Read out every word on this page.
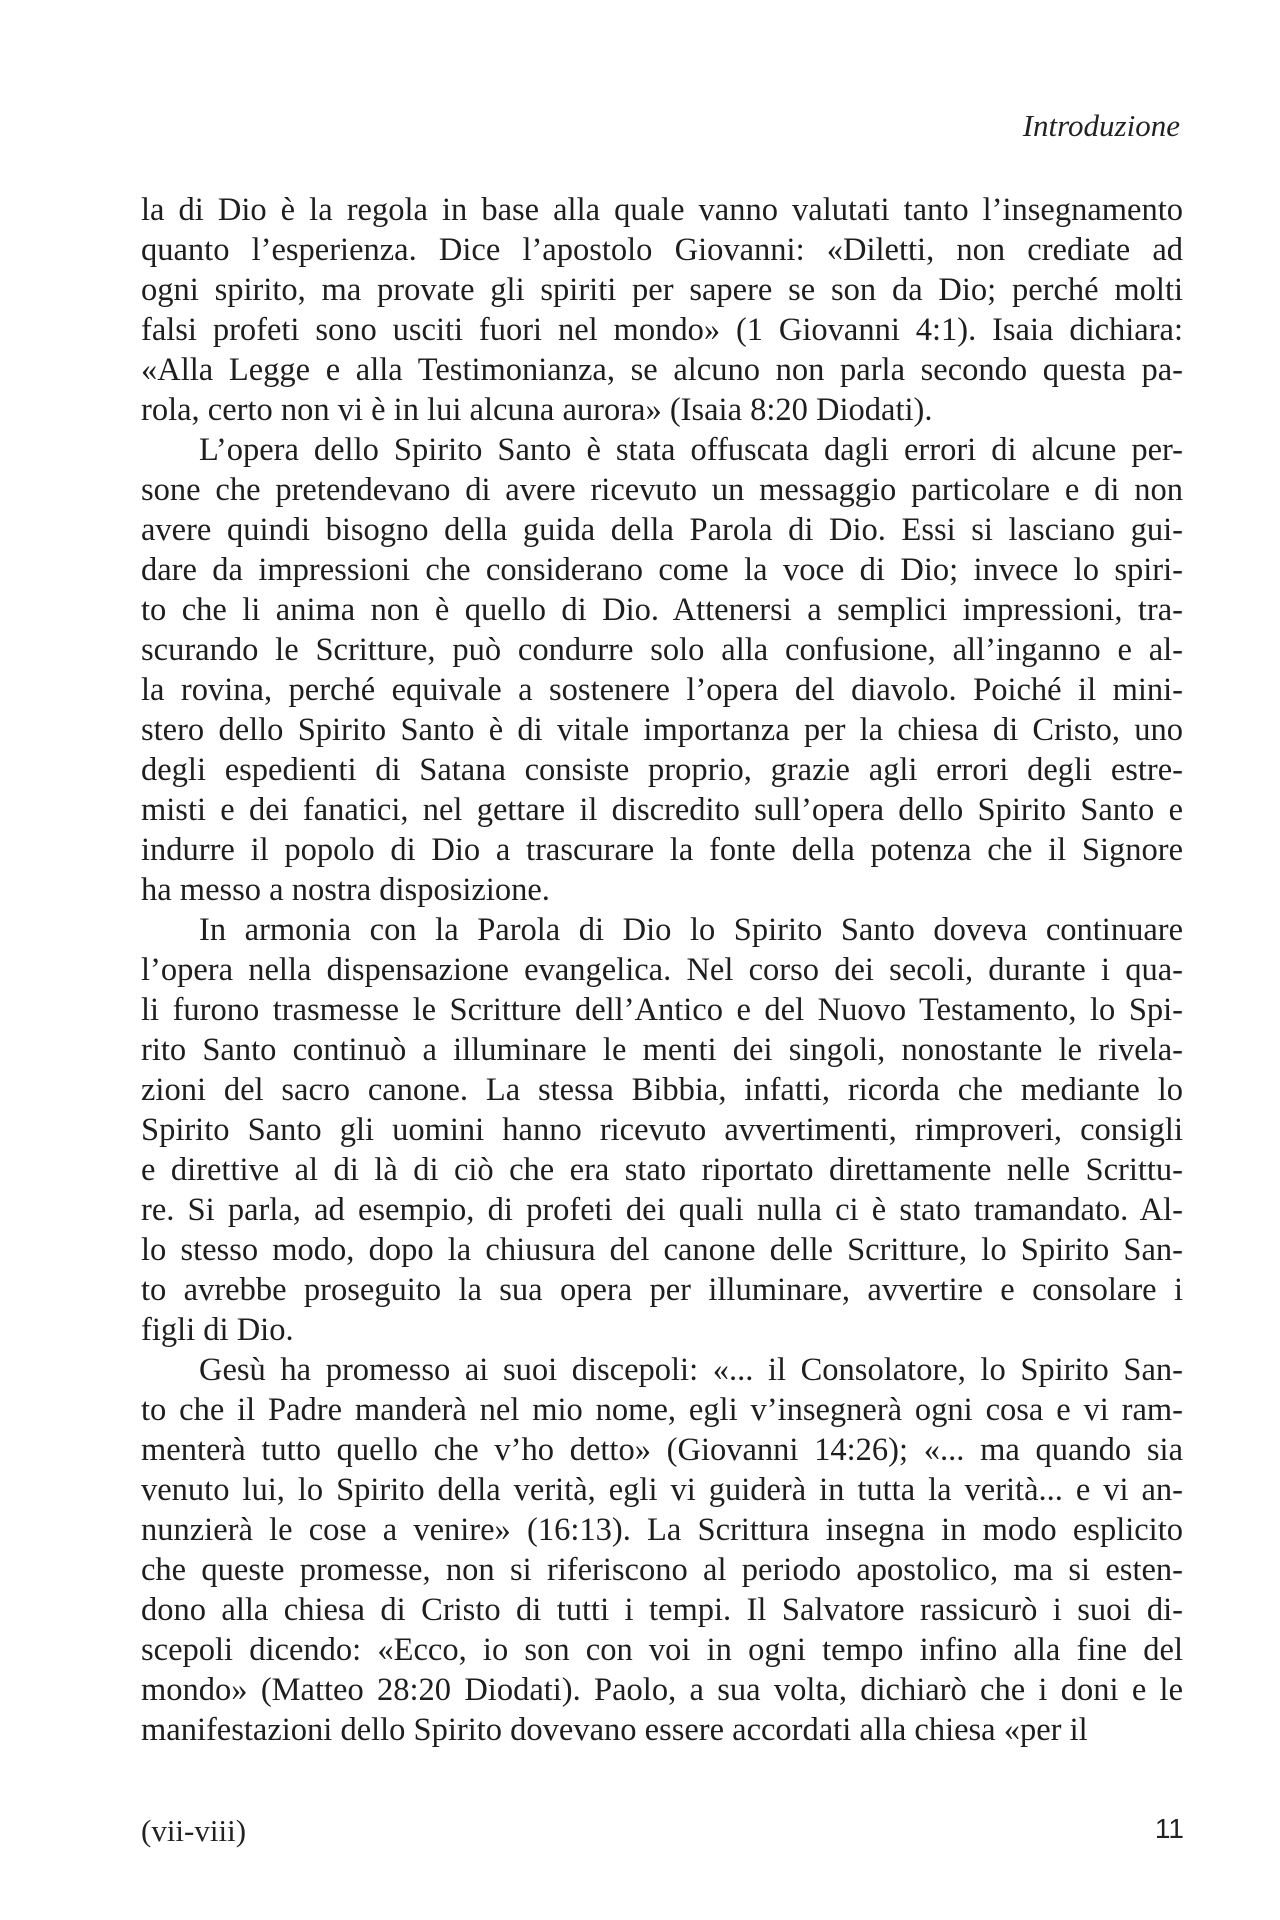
Introduzione

la di Dio è la regola in base alla quale vanno valutati tanto l’insegnamento
quanto l’esperienza. Dice l’apostolo Giovanni: «Diletti, non crediate ad
ogni spirito, ma provate gli spiriti per sapere se son da Dio; perché molti
falsi profeti sono usciti fuori nel mondo» (1 Giovanni 4:1). Isaia dichiara:
«Alla Legge e alla Testimonianza, se alcuno non parla secondo questa pa-
rola, certo non vi è in lui alcuna aurora» (Isaia 8:20 Diodati).

L’opera dello Spirito Santo è stata offuscata dagli errori di alcune per-
sone che pretendevano di avere ricevuto un messaggio particolare e di non
avere quindi bisogno della guida della Parola di Dio. Essi si lasciano gui-
dare da impressioni che considerano come la voce di Dio; invece lo spiri-
to che li anima non è quello di Dio. Attenersi a semplici impressioni, tra-
scurando le Scritture, può condurre solo alla confusione, all’inganno e al-
la rovina, perché equivale a sostenere l’opera del diavolo. Poiché il mini-
stero dello Spirito Santo è di vitale importanza per la chiesa di Cristo, uno
degli espedienti di Satana consiste proprio, grazie agli errori degli estre-
misti e dei fanatici, nel gettare il discredito sull’opera dello Spirito Santo e
indurre il popolo di Dio a trascurare la fonte della potenza che il Signore
ha messo a nostra disposizione.

In armonia con la Parola di Dio lo Spirito Santo doveva continuare
l’opera nella dispensazione evangelica. Nel corso dei secoli, durante i qua-
li furono trasmesse le Scritture dell’Antico e del Nuovo Testamento, lo Spi-
rito Santo continuò a illuminare le menti dei singoli, nonostante le rivela-
zioni del sacro canone. La stessa Bibbia, infatti, ricorda che mediante lo
Spirito Santo gli uomini hanno ricevuto avvertimenti, rimproveri, consigli
e direttive al di là di ciò che era stato riportato direttamente nelle Scrittu-
re. Si parla, ad esempio, di profeti dei quali nulla ci è stato tramandato. Al-
lo stesso modo, dopo la chiusura del canone delle Scritture, lo Spirito San-
to avrebbe proseguito la sua opera per illuminare, avvertire e consolare i
figli di Dio.

Gesù ha promesso ai suoi discepoli: «... il Consolatore, lo Spirito San-
to che il Padre manderà nel mio nome, egli v’insegnerà ogni cosa e vi ram-
menterà tutto quello che v’ho detto» (Giovanni 14:26); «... ma quando sia
venuto lui, lo Spirito della verità, egli vi guiderà in tutta la verità... e vi an-
nunzierà le cose a venire» (16:13). La Scrittura insegna in modo esplicito
che queste promesse, non si riferiscono al periodo apostolico, ma si esten-
dono alla chiesa di Cristo di tutti i tempi. Il Salvatore rassicurò i suoi di-
scepoli dicendo: «Ecco, io son con voi in ogni tempo infino alla fine del
mondo» (Matteo 28:20 Diodati). Paolo, a sua volta, dichiarò che i doni e le
manifestazioni dello Spirito dovevano essere accordati alla chiesa «per il

(vii-viii)	11
